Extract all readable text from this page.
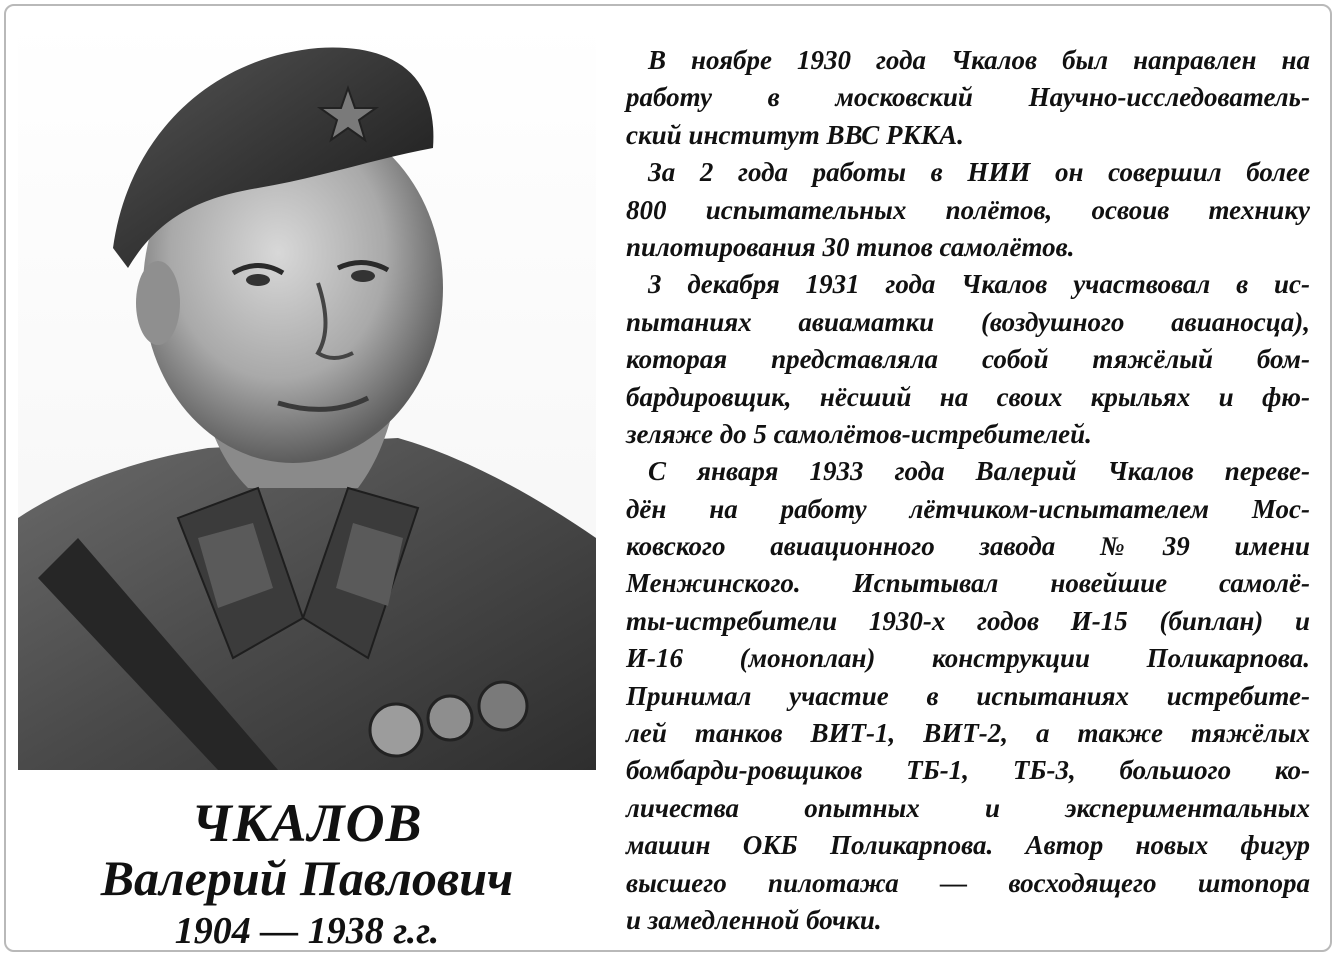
ЧКАЛОВ
Валерий Павлович
1904 — 1938 г.г.
В ноябре 1930 года Чкалов был направлен на
работу в московский Научно-исследователь-
ский институт ВВС РККА.
За 2 года работы в НИИ он совершил более
800 испытательных полётов, освоив технику
пилотирования 30 типов самолётов.
3 декабря 1931 года Чкалов участвовал в ис-
пытаниях авиаматки (воздушного авианосца),
которая представляла собой тяжёлый бом-
бардировщик, нёсший на своих крыльях и фю-
зеляже до 5 самолётов-истребителей.
С января 1933 года Валерий Чкалов переве-
дён на работу лётчиком-испытателем Мос-
ковского авиационного завода №39 имени
Менжинского. Испытывал новейшие самолё-
ты-истребители 1930-х годов И-15 (биплан) и
И-16 (моноплан) конструкции Поликарпова.
Принимал участие в испытаниях истребите-
лей танков ВИТ-1, ВИТ-2, а также тяжёлых
бомбарди-ровщиков ТБ-1, ТБ-3, большого ко-
личества опытных и экспериментальных
машин ОКБ Поликарпова. Автор новых фигур
высшего пилотажа — восходящего штопора
и замедленной бочки.
